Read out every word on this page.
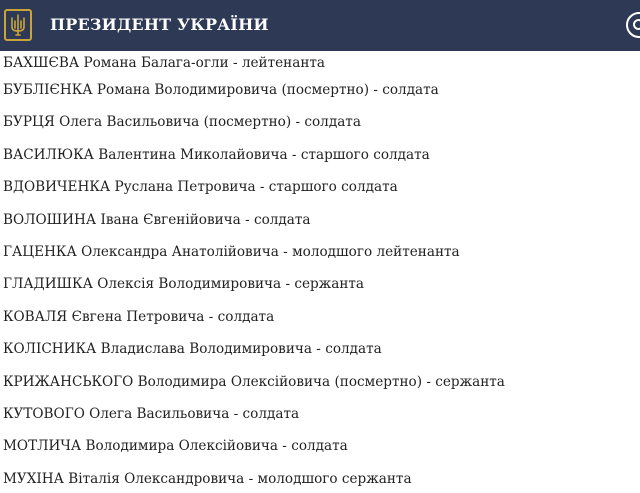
ПРЕЗИДЕНТ УКРАЇНИ
БАХШЄВА Романа Балага-огли - лейтенанта
БУБЛІЄНКА Романа Володимировича (посмертно) - солдата
БУРЦЯ Олега Васильовича (посмертно) - солдата
ВАСИЛЮКА Валентина Миколайовича - старшого солдата
ВДОВИЧЕНКА Руслана Петровича - старшого солдата
ВОЛОШИНА Івана Євгенійовича - солдата
ГАЦЕНКА Олександра Анатолійовича - молодшого лейтенанта
ГЛАДИШКА Олексія Володимировича - сержанта
КОВАЛЯ Євгена Петровича - солдата
КОЛІСНИКА Владислава Володимировича - солдата
КРИЖАНСЬКОГО Володимира Олексійовича (посмертно) - сержанта
КУТОВОГО Олега Васильовича - солдата
МОТЛИЧА Володимира Олексійовича - солдата
МУХІНА Віталія Олександровича - молодшого сержанта
